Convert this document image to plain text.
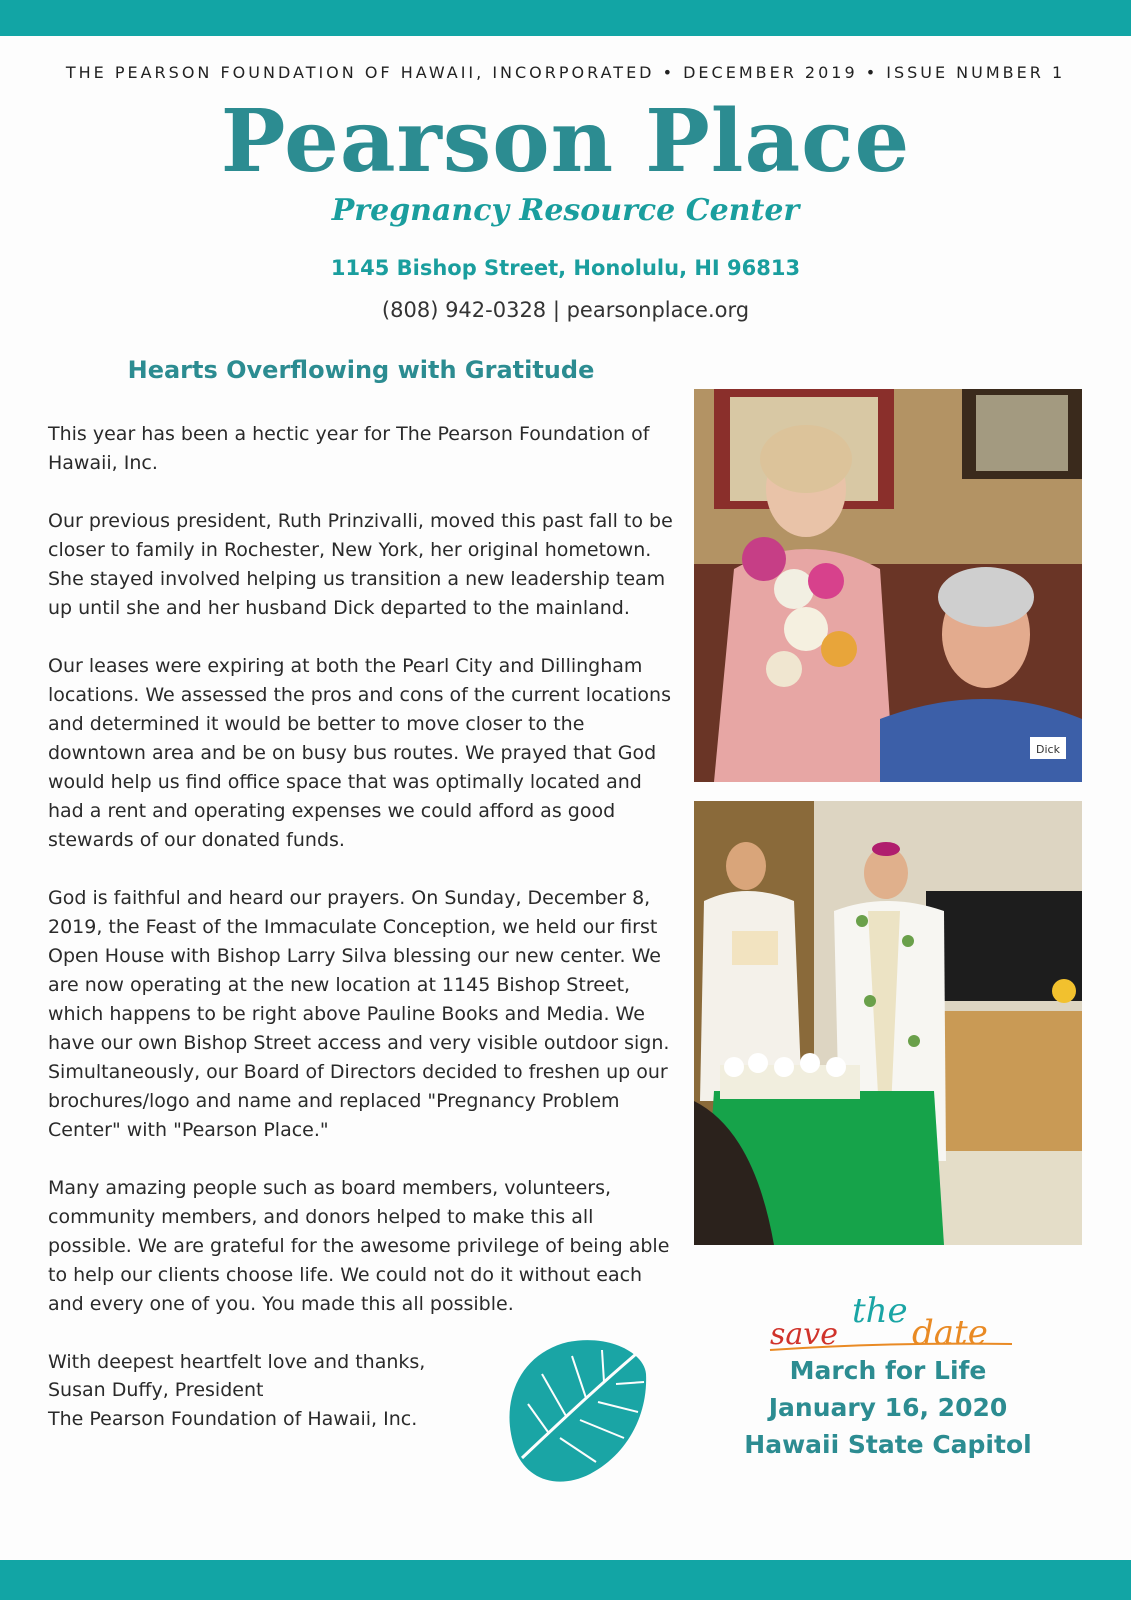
THE PEARSON FOUNDATION OF HAWAII, INCORPORATED • DECEMBER 2019 • ISSUE NUMBER 1
Pearson Place
Pregnancy Resource Center
1145 Bishop Street, Honolulu, HI 96813
(808) 942-0328 | pearsonplace.org
Hearts Overflowing with Gratitude

This year has been a hectic year for The Pearson Foundation of Hawaii, Inc.

Our previous president, Ruth Prinzivalli, moved this past fall to be closer to family in Rochester, New York, her original hometown. She stayed involved helping us transition a new leadership team up until she and her husband Dick departed to the mainland.

Our leases were expiring at both the Pearl City and Dillingham locations. We assessed the pros and cons of the current locations and determined it would be better to move closer to the downtown area and be on busy bus routes. We prayed that God would help us find office space that was optimally located and had a rent and operating expenses we could afford as good stewards of our donated funds.

God is faithful and heard our prayers. On Sunday, December 8, 2019, the Feast of the Immaculate Conception, we held our first Open House with Bishop Larry Silva blessing our new center. We are now operating at the new location at 1145 Bishop Street, which happens to be right above Pauline Books and Media. We have our own Bishop Street access and very visible outdoor sign. Simultaneously, our Board of Directors decided to freshen up our brochures/logo and name and replaced "Pregnancy Problem Center" with "Pearson Place."

Many amazing people such as board members, volunteers, community members, and donors helped to make this all possible. We are grateful for the awesome privilege of being able to help our clients choose life. We could not do it without each and every one of you. You made this all possible.

With deepest heartfelt love and thanks,

Susan Duffy, President
The Pearson Foundation of Hawaii, Inc.
Dick
save
the
date
March for Life
January 16, 2020
Hawaii State Capitol
